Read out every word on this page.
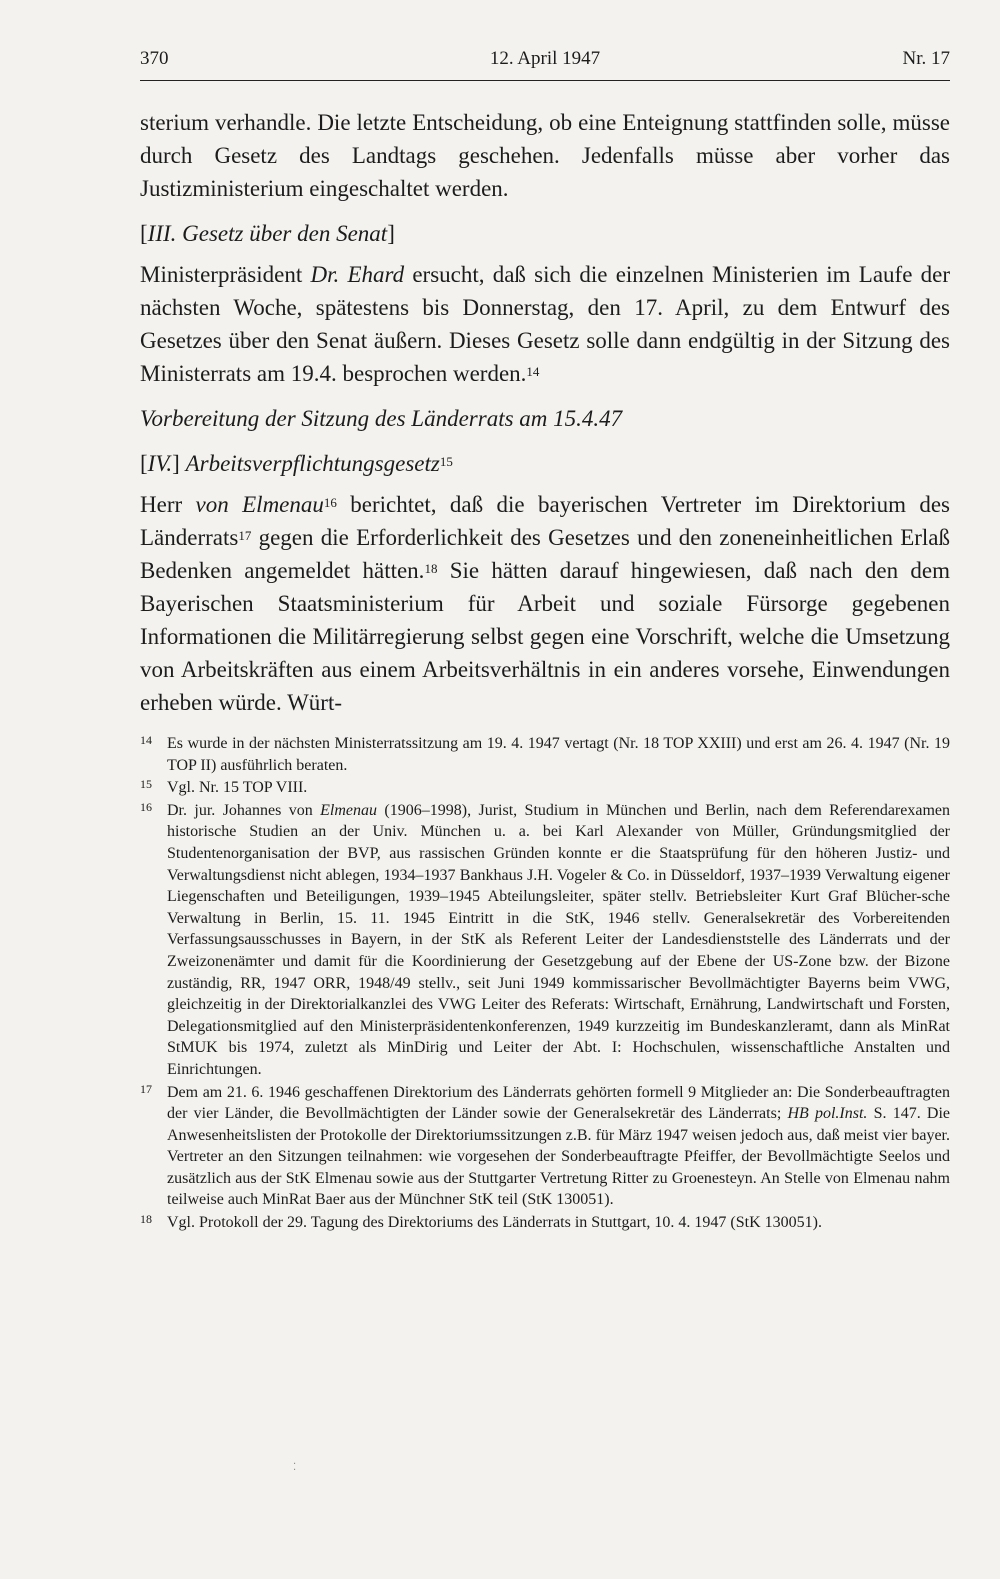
370	12. April 1947	Nr. 17

sterium verhandle. Die letzte Entscheidung, ob eine Enteignung stattfinden solle, müsse durch Gesetz des Landtags geschehen. Jedenfalls müsse aber vorher das Justizministerium eingeschaltet werden.

[III. Gesetz über den Senat]

Ministerpräsident Dr. Ehard ersucht, daß sich die einzelnen Ministerien im Laufe der nächsten Woche, spätestens bis Donnerstag, den 17. April, zu dem Entwurf des Gesetzes über den Senat äußern. Dieses Gesetz solle dann endgültig in der Sitzung des Ministerrats am 19.4. besprochen werden.$^{14}$

Vorbereitung der Sitzung des Länderrats am 15.4.47

[IV.] Arbeitsverpflichtungsgesetz$^{15}$

Herr von Elmenau$^{16}$ berichtet, daß die bayerischen Vertreter im Direktorium des Länderrats$^{17}$ gegen die Erforderlichkeit des Gesetzes und den zoneneinheitlichen Erlaß Bedenken angemeldet hätten.$^{18}$ Sie hätten darauf hingewiesen, daß nach den dem Bayerischen Staatsministerium für Arbeit und soziale Fürsorge gegebenen Informationen die Militärregierung selbst gegen eine Vorschrift, welche die Umsetzung von Arbeitskräften aus einem Arbeitsverhältnis in ein anderes vorsehe, Einwendungen erheben würde. Würt-

14 Es wurde in der nächsten Ministerratssitzung am 19. 4. 1947 vertagt (Nr. 18 TOP XXIII) und erst am 26. 4. 1947 (Nr. 19 TOP II) ausführlich beraten.
15 Vgl. Nr. 15 TOP VIII.
16 Dr. jur. Johannes von Elmenau (1906–1998), Jurist, Studium in München und Berlin, nach dem Referendarexamen historische Studien an der Univ. München u. a. bei Karl Alexander von Müller, Gründungsmitglied der Studentenorganisation der BVP, aus rassischen Gründen konnte er die Staatsprüfung für den höheren Justiz- und Verwaltungsdienst nicht ablegen, 1934–1937 Bankhaus J.H. Vogeler & Co. in Düsseldorf, 1937–1939 Verwaltung eigener Liegenschaften und Beteiligungen, 1939–1945 Abteilungsleiter, später stellv. Betriebsleiter Kurt Graf Blücher-sche Verwaltung in Berlin, 15. 11. 1945 Eintritt in die StK, 1946 stellv. Generalsekretär des Vorbereitenden Verfassungsausschusses in Bayern, in der StK als Referent Leiter der Landesdienststelle des Länderrats und der Zweizonenämter und damit für die Koordinierung der Gesetzgebung auf der Ebene der US-Zone bzw. der Bizone zuständig, RR, 1947 ORR, 1948/49 stellv., seit Juni 1949 kommissarischer Bevollmächtigter Bayerns beim VWG, gleichzeitig in der Direktorialkanzlei des VWG Leiter des Referats: Wirtschaft, Ernährung, Landwirtschaft und Forsten, Delegationsmitglied auf den Ministerpräsidentenkonferenzen, 1949 kurzzeitig im Bundeskanzleramt, dann als MinRat StMUK bis 1974, zuletzt als MinDirig und Leiter der Abt. I: Hochschulen, wissenschaftliche Anstalten und Einrichtungen.
17 Dem am 21. 6. 1946 geschaffenen Direktorium des Länderrats gehörten formell 9 Mitglieder an: Die Sonderbeauftragten der vier Länder, die Bevollmächtigten der Länder sowie der Generalsekretär des Länderrats; HB pol.Inst. S. 147. Die Anwesenheitslisten der Protokolle der Direktoriumssitzungen z.B. für März 1947 weisen jedoch aus, daß meist vier bayer. Vertreter an den Sitzungen teilnahmen: wie vorgesehen der Sonderbeauftragte Pfeiffer, der Bevollmächtigte Seelos und zusätzlich aus der StK Elmenau sowie aus der Stuttgarter Vertretung Ritter zu Groenesteyn. An Stelle von Elmenau nahm teilweise auch MinRat Baer aus der Münchner StK teil (StK 130051).
18 Vgl. Protokoll der 29. Tagung des Direktoriums des Länderrats in Stuttgart, 10. 4. 1947 (StK 130051).
⁚
